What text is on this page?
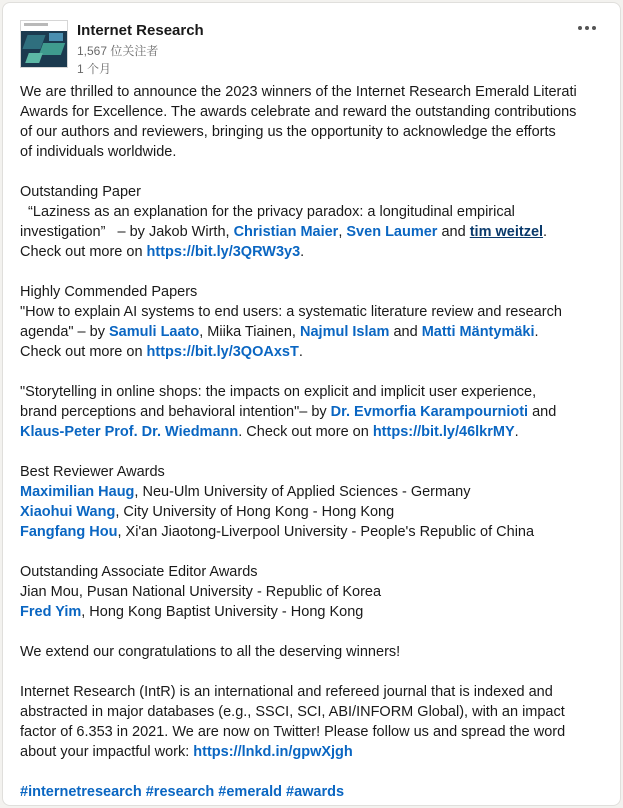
Internet Research
1,567 位关注者
1 个月
We are thrilled to announce the 2023 winners of the Internet Research Emerald Literati
Awards for Excellence. The awards celebrate and reward the outstanding contributions
of our authors and reviewers, bringing us the opportunity to acknowledge the efforts
of individuals worldwide.
Outstanding Paper
“Laziness as an explanation for the privacy paradox: a longitudinal empirical
investigation”   – by Jakob Wirth, Christian Maier, Sven Laumer and tim weitzel.
Check out more on https://bit.ly/3QRW3y3.
Highly Commended Papers
"How to explain AI systems to end users: a systematic literature review and research
agenda" – by Samuli Laato, Miika Tiainen, Najmul Islam and Matti Mäntymäki.
Check out more on https://bit.ly/3QOAxsT.
"Storytelling in online shops: the impacts on explicit and implicit user experience,
brand perceptions and behavioral intention"– by Dr. Evmorfia Karampournioti and
Klaus-Peter Prof. Dr. Wiedmann. Check out more on https://bit.ly/46lkrMY.
Best Reviewer Awards
Maximilian Haug, Neu-Ulm University of Applied Sciences - Germany
Xiaohui Wang, City University of Hong Kong - Hong Kong
Fangfang Hou, Xi'an Jiaotong-Liverpool University - People's Republic of China
Outstanding Associate Editor Awards
Jian Mou, Pusan National University - Republic of Korea
Fred Yim, Hong Kong Baptist University - Hong Kong
We extend our congratulations to all the deserving winners!
Internet Research (IntR) is an international and refereed journal that is indexed and
abstracted in major databases (e.g., SSCI, SCI, ABI/INFORM Global), with an impact
factor of 6.353 in 2021. We are now on Twitter! Please follow us and spread the word
about your impactful work: https://lnkd.in/gpwXjgh
#internetresearch #research #emerald #awards
